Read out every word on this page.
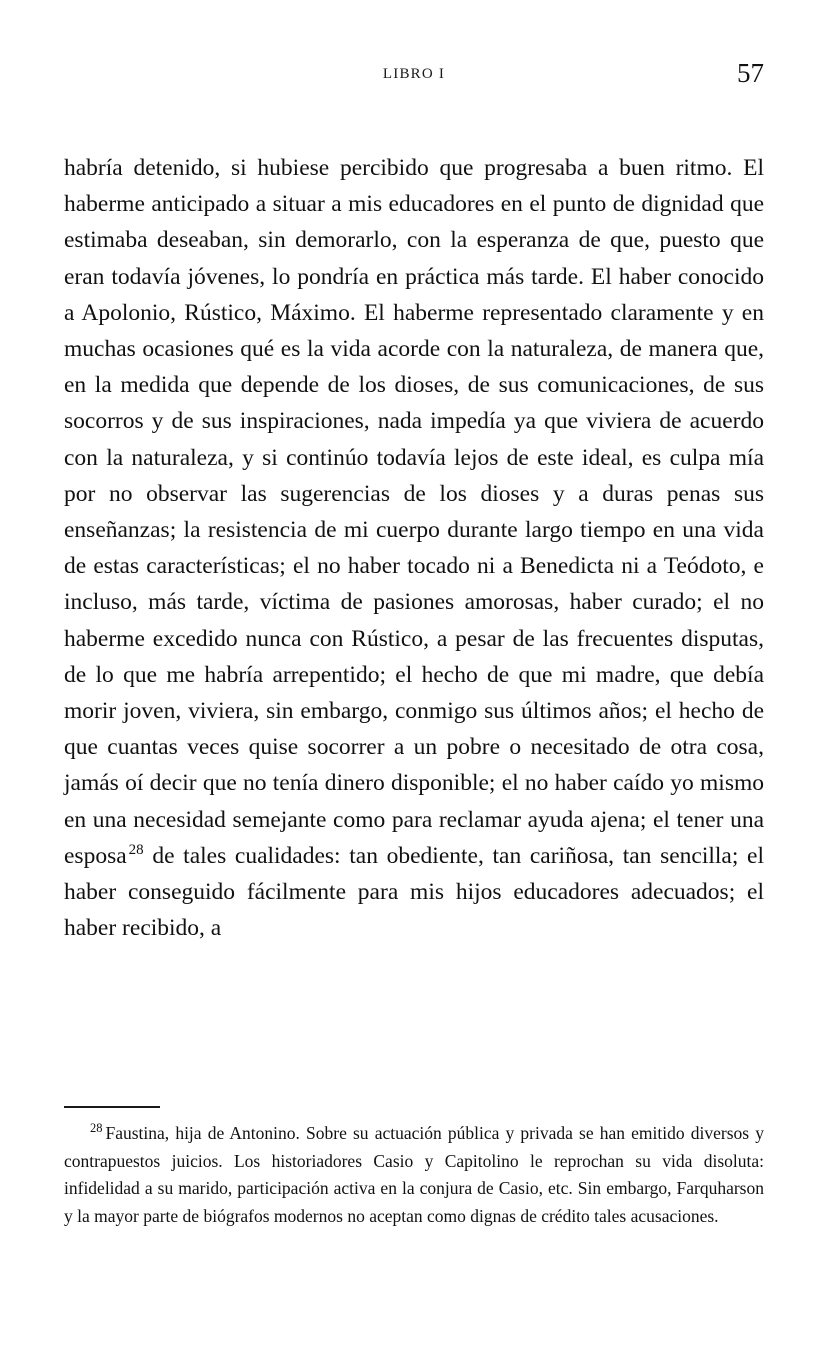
LIBRO I	57

habría detenido, si hubiese percibido que progresaba a buen ritmo. El haberme anticipado a situar a mis educadores en el punto de dignidad que estimaba deseaban, sin demorarlo, con la esperanza de que, puesto que eran todavía jóvenes, lo pondría en práctica más tarde. El haber conocido a Apolonio, Rústico, Máximo. El haberme representado claramente y en muchas ocasiones qué es la vida acorde con la naturaleza, de manera que, en la medida que depende de los dioses, de sus comunicaciones, de sus socorros y de sus inspiraciones, nada impedía ya que viviera de acuerdo con la naturaleza, y si continúo todavía lejos de este ideal, es culpa mía por no observar las sugerencias de los dioses y a duras penas sus enseñanzas; la resistencia de mi cuerpo durante largo tiempo en una vida de estas características; el no haber tocado ni a Benedicta ni a Teódoto, e incluso, más tarde, víctima de pasiones amorosas, haber curado; el no haberme excedido nunca con Rústico, a pesar de las frecuentes disputas, de lo que me habría arrepentido; el hecho de que mi madre, que debía morir joven, viviera, sin embargo, conmigo sus últimos años; el hecho de que cuantas veces quise socorrer a un pobre o necesitado de otra cosa, jamás oí decir que no tenía dinero disponible; el no haber caído yo mismo en una necesidad semejante como para reclamar ayuda ajena; el tener una esposa $^{28}$ de tales cualidades: tan obediente, tan cariñosa, tan sencilla; el haber conseguido fácilmente para mis hijos educadores adecuados; el haber recibido, a

$^{28}$ Faustina, hija de Antonino. Sobre su actuación pública y privada se han emitido diversos y contrapuestos juicios. Los historiadores Casio y Capitolino le reprochan su vida disoluta: infidelidad a su marido, participación activa en la conjura de Casio, etc. Sin embargo, Farquharson y la mayor parte de biógrafos modernos no aceptan como dignas de crédito tales acusaciones.
